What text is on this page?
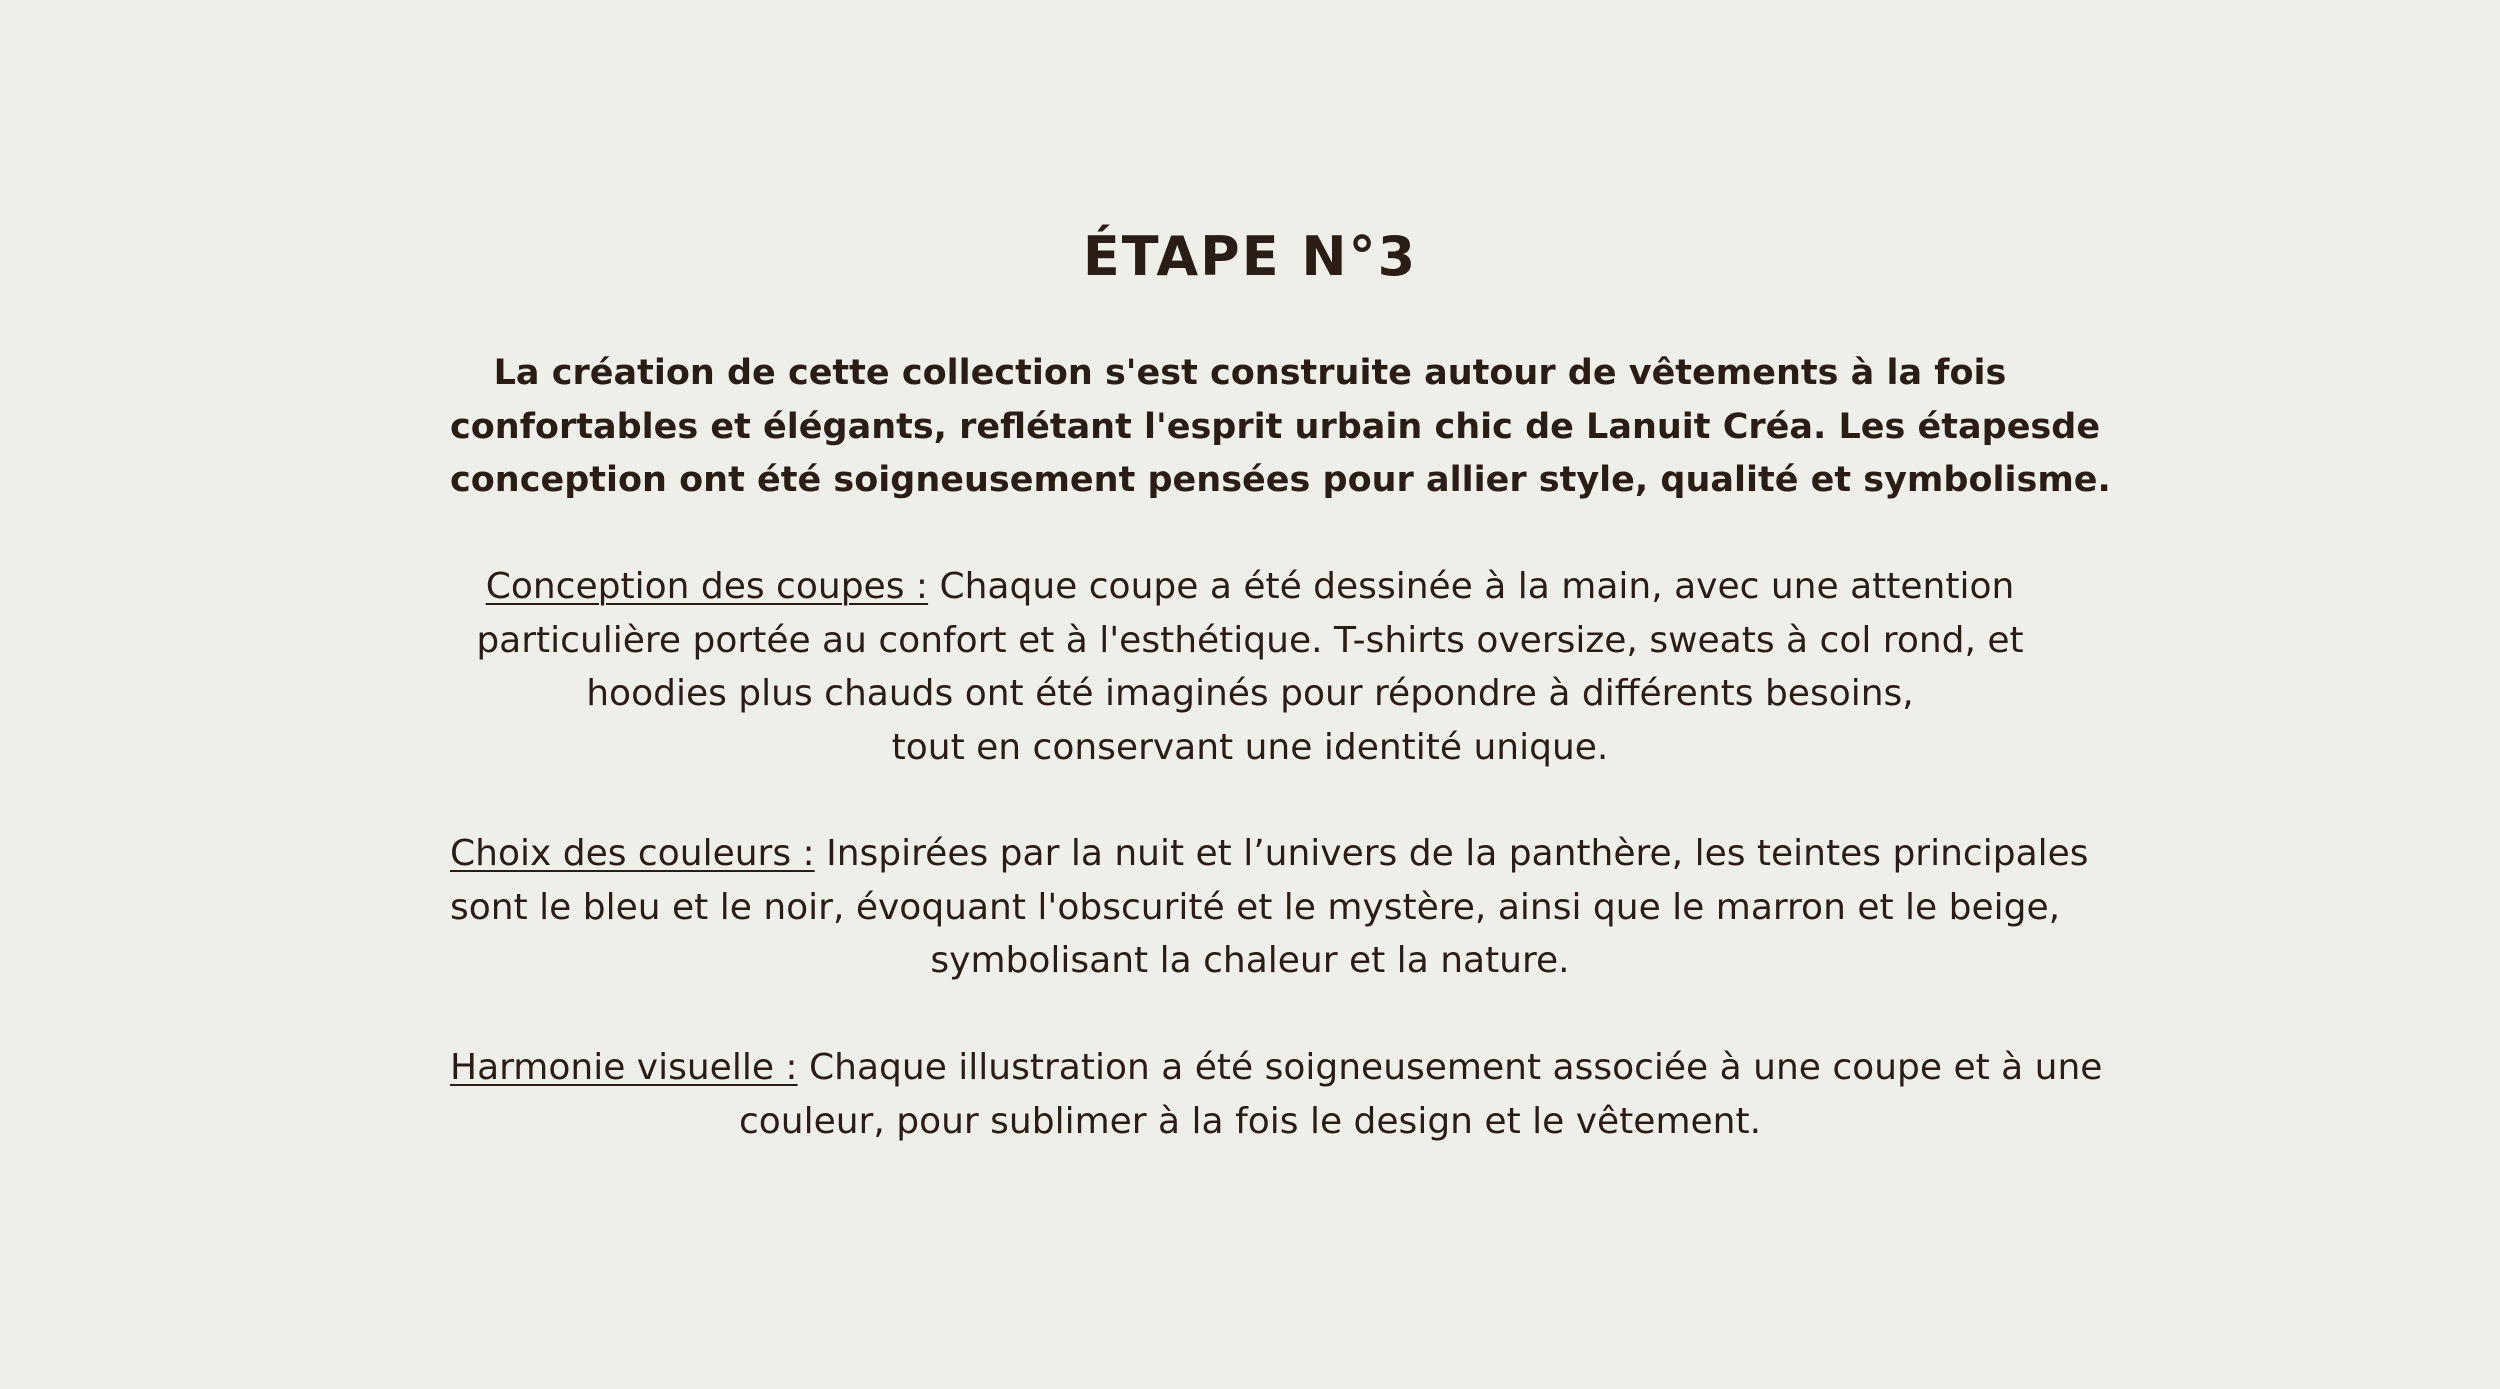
ÉTAPE N°3

La création de cette collection s'est construite autour de vêtements à la fois
confortables et élégants, reflétant l'esprit urbain chic de Lanuit Créa. Les étapesde
conception ont été soigneusement pensées pour allier style, qualité et symbolisme.

Conception des coupes : Chaque coupe a été dessinée à la main, avec une attention
particulière portée au confort et à l'esthétique. T-shirts oversize, sweats à col rond, et
hoodies plus chauds ont été imaginés pour répondre à différents besoins,
tout en conservant une identité unique.

Choix des couleurs : Inspirées par la nuit et l’univers de la panthère, les teintes principales
sont le bleu et le noir, évoquant l'obscurité et le mystère, ainsi que le marron et le beige,
symbolisant la chaleur et la nature.

Harmonie visuelle : Chaque illustration a été soigneusement associée à une coupe et à une
couleur, pour sublimer à la fois le design et le vêtement.
